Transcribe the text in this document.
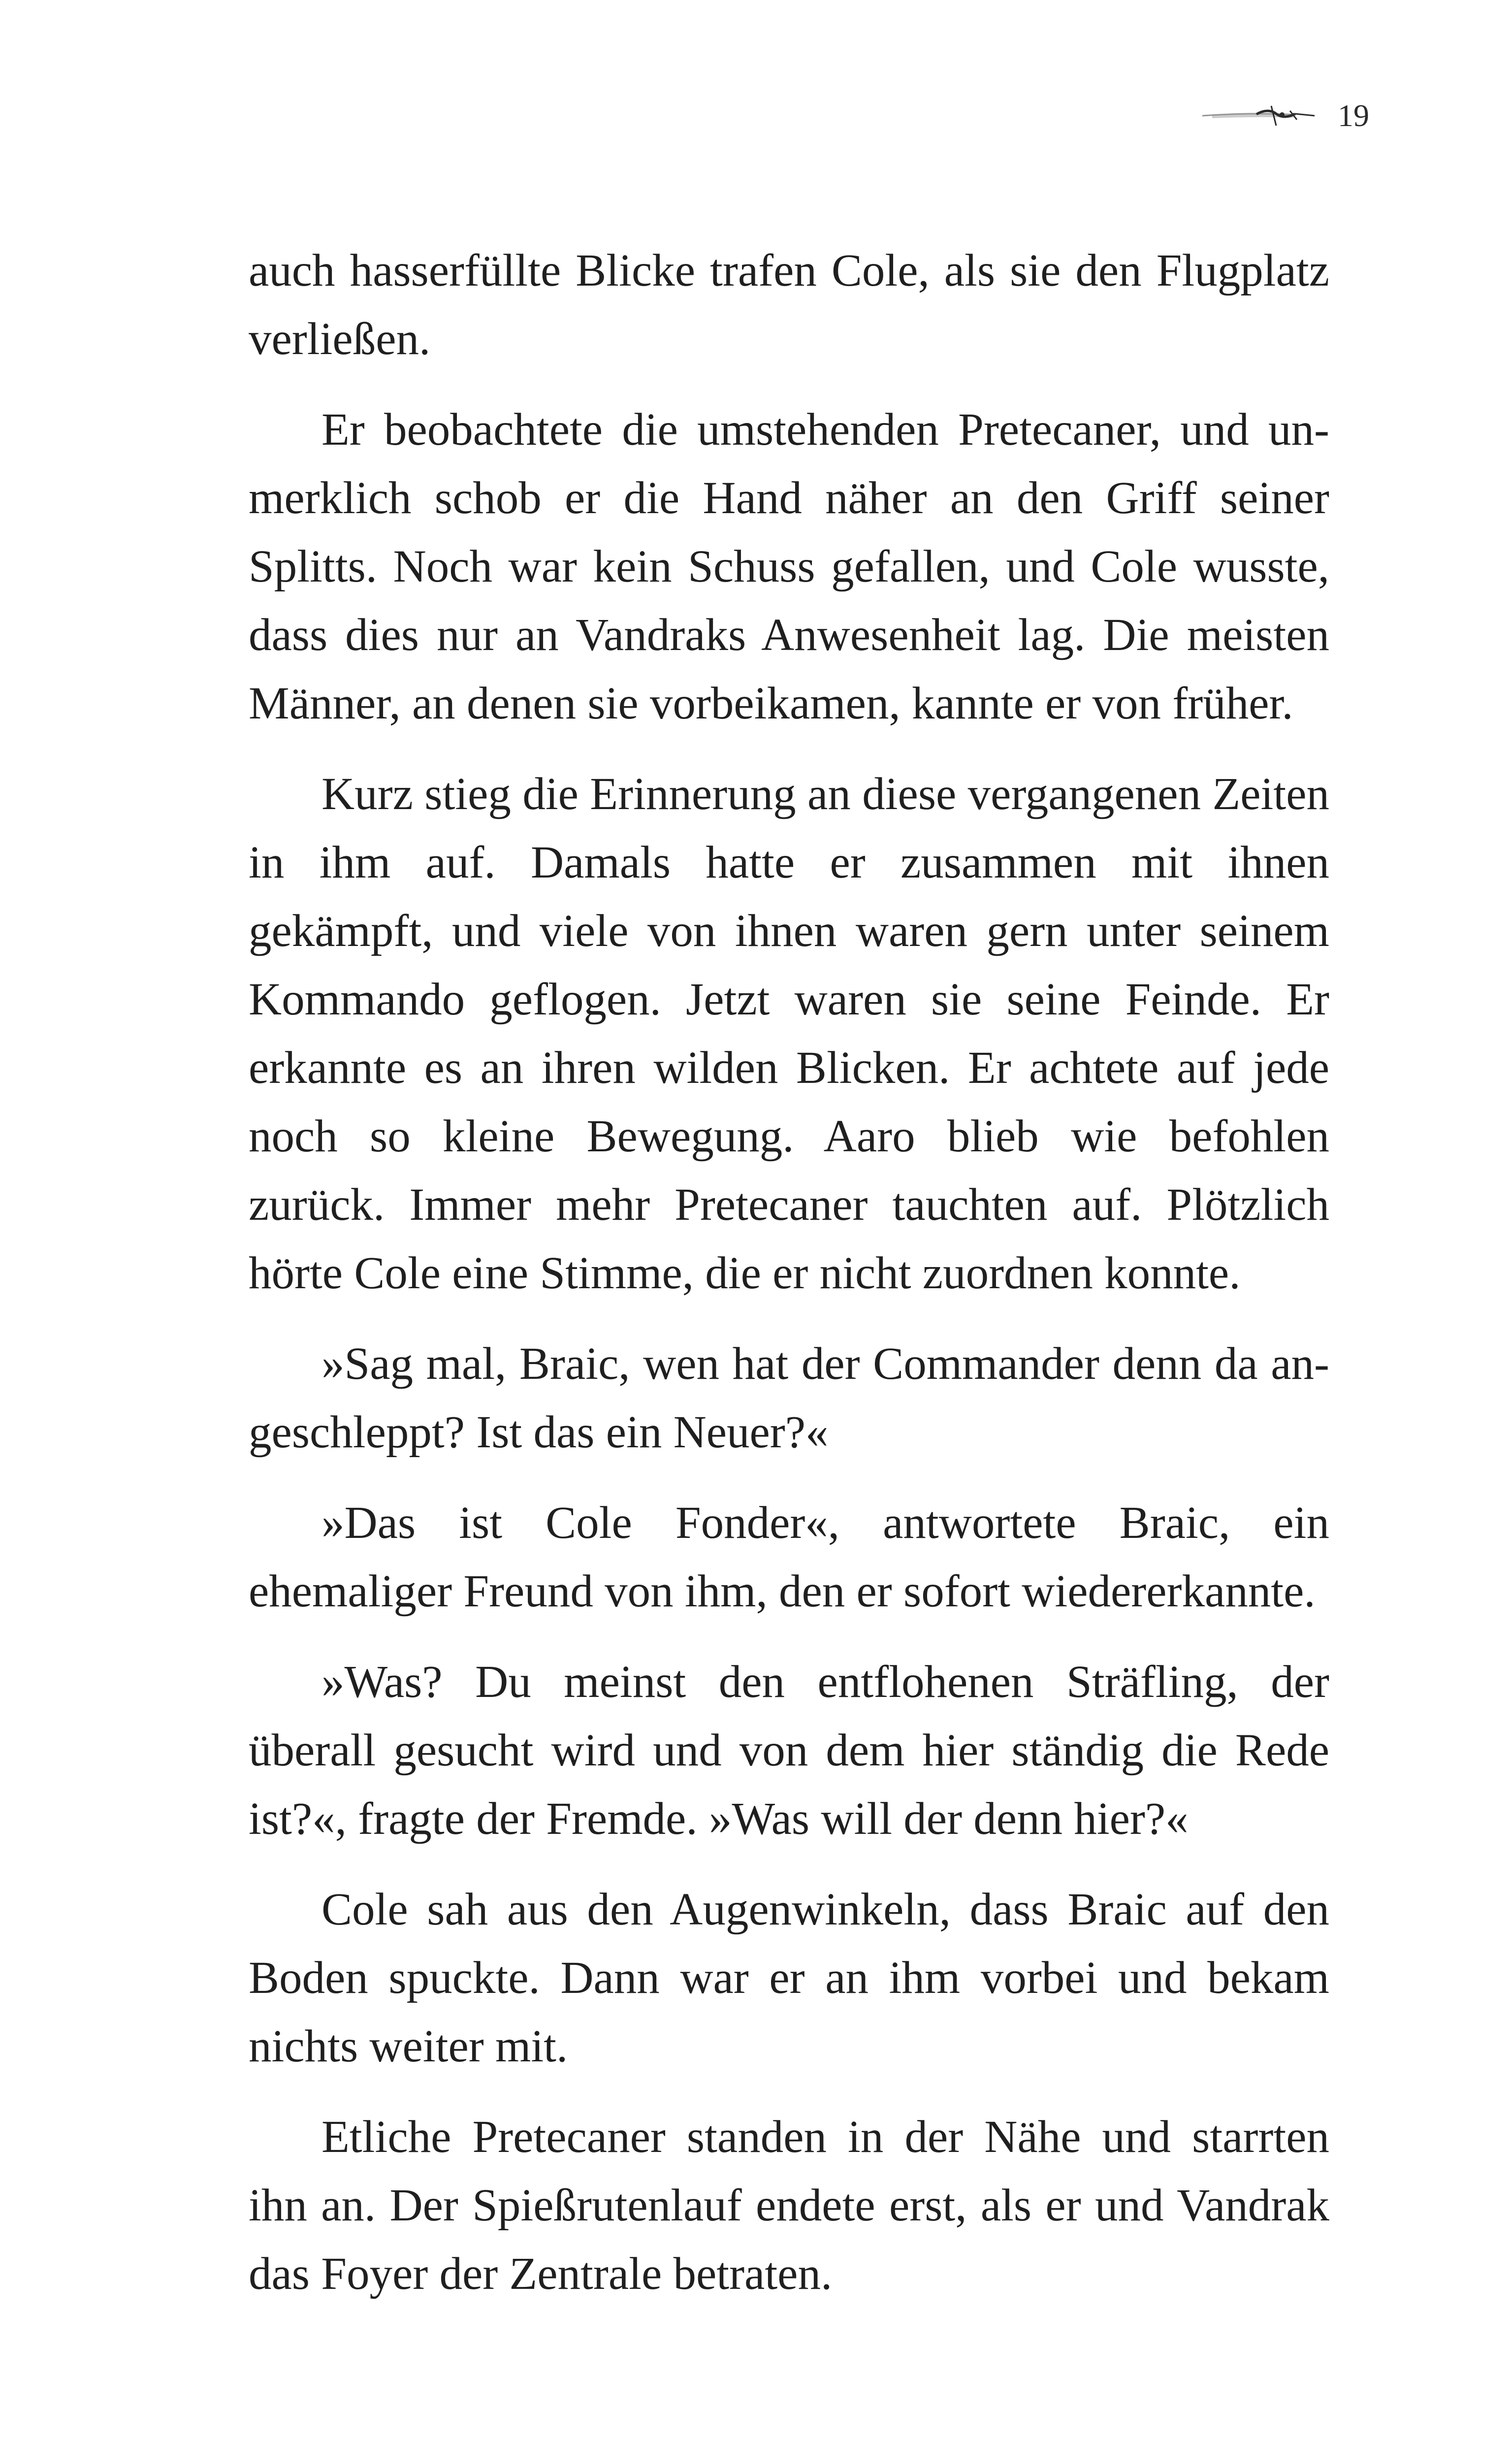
19

auch hasserfüllte Blicke trafen Cole, als sie den Flugplatz verließen.

Er beobachtete die umstehenden Pretecaner, und unmerklich schob er die Hand näher an den Griff seiner Splitts. Noch war kein Schuss gefallen, und Cole wusste, dass dies nur an Vandraks Anwesenheit lag. Die meisten Männer, an denen sie vorbeikamen, kannte er von früher.

Kurz stieg die Erinnerung an diese vergangenen Zeiten in ihm auf. Damals hatte er zusammen mit ihnen gekämpft, und viele von ihnen waren gern unter seinem Kommando geflogen. Jetzt waren sie seine Feinde. Er erkannte es an ihren wilden Blicken. Er achtete auf jede noch so kleine Bewegung. Aaro blieb wie befohlen zurück. Immer mehr Pretecaner tauchten auf. Plötzlich hörte Cole eine Stimme, die er nicht zuordnen konnte.

»Sag mal, Braic, wen hat der Commander denn da angeschleppt? Ist das ein Neuer?«

»Das ist Cole Fonder«, antwortete Braic, ein ehemaliger Freund von ihm, den er sofort wiedererkannte.

»Was? Du meinst den entflohenen Sträfling, der überall gesucht wird und von dem hier ständig die Rede ist?«, fragte der Fremde. »Was will der denn hier?«

Cole sah aus den Augenwinkeln, dass Braic auf den Boden spuckte. Dann war er an ihm vorbei und bekam nichts weiter mit.

Etliche Pretecaner standen in der Nähe und starrten ihn an. Der Spießrutenlauf endete erst, als er und Vandrak das Foyer der Zentrale betraten.
